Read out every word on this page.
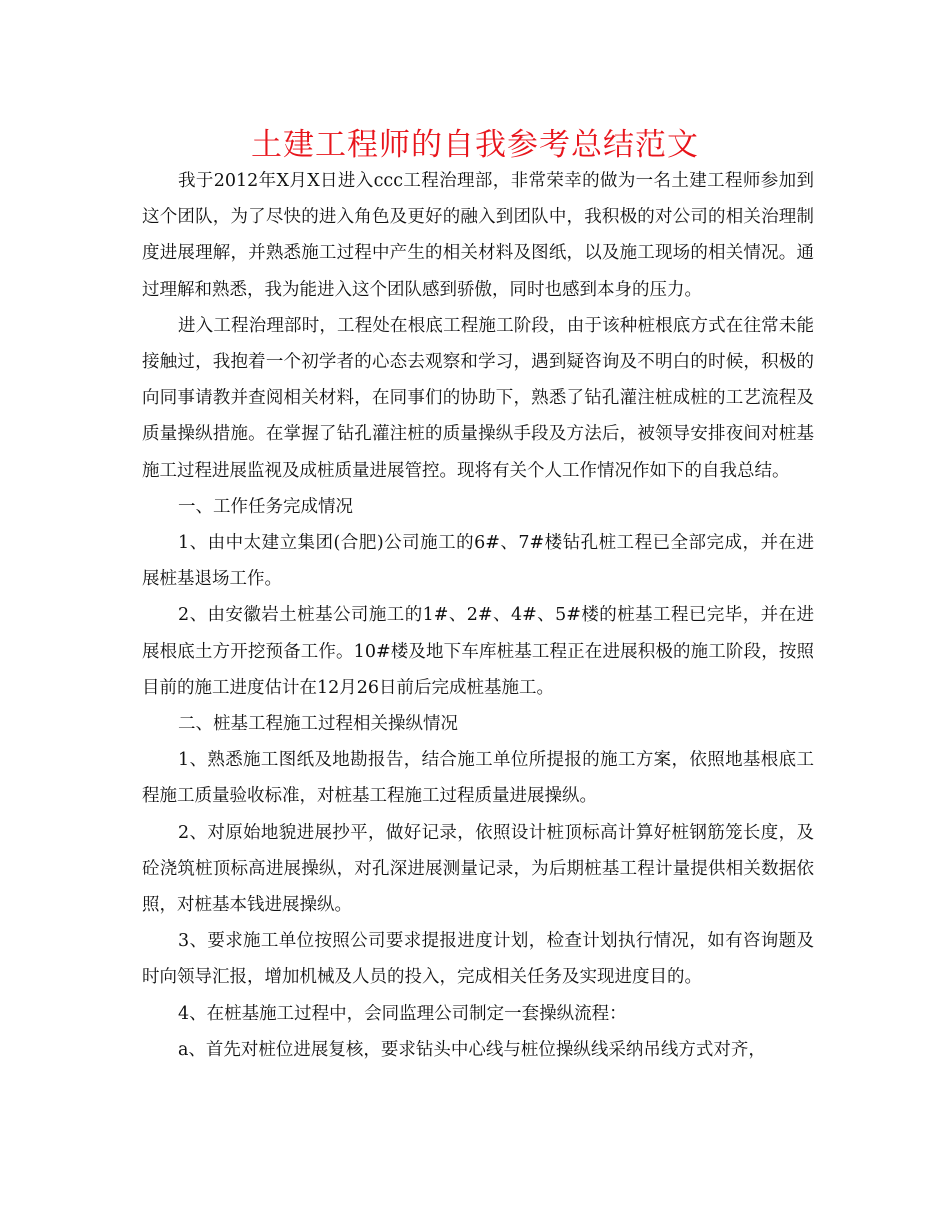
土建工程师的自我参考总结范文

我于2012年X月X日进入ccc工程治理部，非常荣幸的做为一名土建工程师参加到这个团队，为了尽快的进入角色及更好的融入到团队中，我积极的对公司的相关治理制度进展理解，并熟悉施工过程中产生的相关材料及图纸，以及施工现场的相关情况。通过理解和熟悉，我为能进入这个团队感到骄傲，同时也感到本身的压力。

进入工程治理部时，工程处在根底工程施工阶段，由于该种桩根底方式在往常未能接触过，我抱着一个初学者的心态去观察和学习，遇到疑咨询及不明白的时候，积极的向同事请教并查阅相关材料，在同事们的协助下，熟悉了钻孔灌注桩成桩的工艺流程及质量操纵措施。在掌握了钻孔灌注桩的质量操纵手段及方法后，被领导安排夜间对桩基施工过程进展监视及成桩质量进展管控。现将有关个人工作情况作如下的自我总结。

一、工作任务完成情况

1、由中太建立集团(合肥)公司施工的6#、7#楼钻孔桩工程已全部完成，并在进展桩基退场工作。

2、由安徽岩土桩基公司施工的1#、2#、4#、5#楼的桩基工程已完毕，并在进展根底土方开挖预备工作。10#楼及地下车库桩基工程正在进展积极的施工阶段，按照目前的施工进度估计在12月26日前后完成桩基施工。

二、桩基工程施工过程相关操纵情况

1、熟悉施工图纸及地勘报告，结合施工单位所提报的施工方案，依照地基根底工程施工质量验收标准，对桩基工程施工过程质量进展操纵。

2、对原始地貌进展抄平，做好记录，依照设计桩顶标高计算好桩钢筋笼长度，及砼浇筑桩顶标高进展操纵，对孔深进展测量记录，为后期桩基工程计量提供相关数据依照，对桩基本钱进展操纵。

3、要求施工单位按照公司要求提报进度计划，检查计划执行情况，如有咨询题及时向领导汇报，增加机械及人员的投入，完成相关任务及实现进度目的。

4、在桩基施工过程中，会同监理公司制定一套操纵流程：

a、首先对桩位进展复核，要求钻头中心线与桩位操纵线采纳吊线方式对齐，
